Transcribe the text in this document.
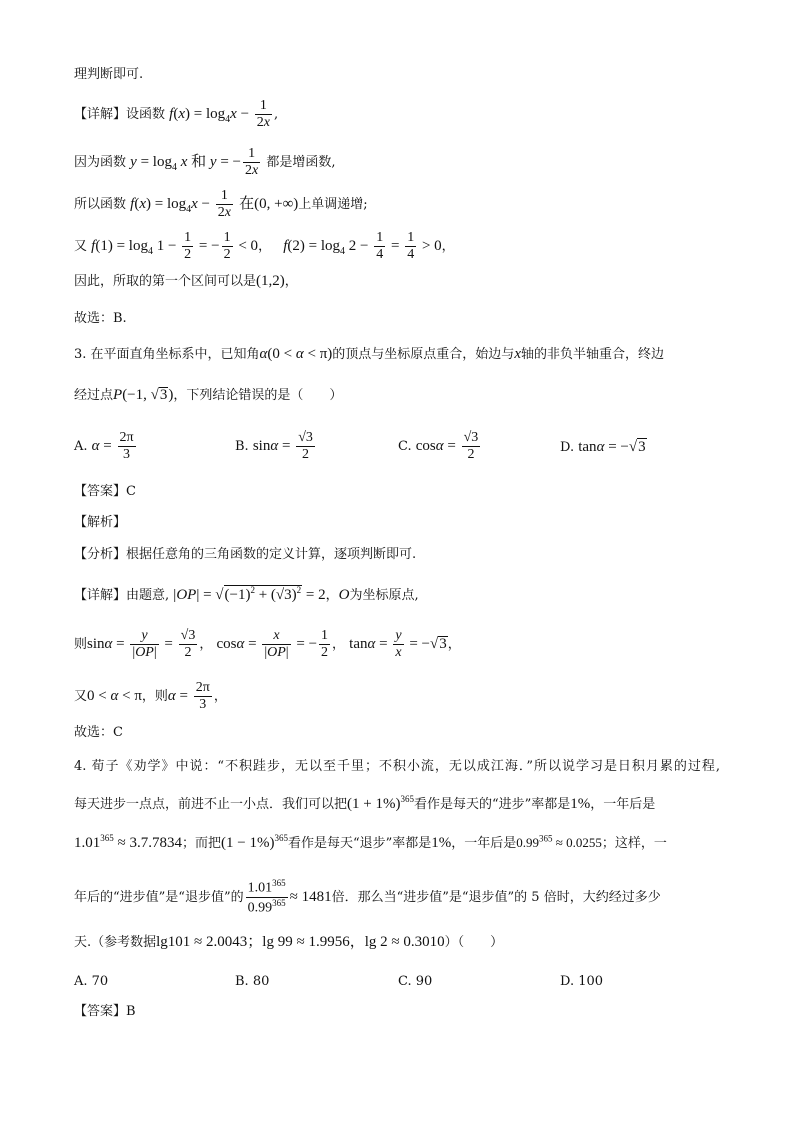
理判断即可.
【详解】设函数 $f(x) = \log_4x - \frac{1}{2x}$ ,
因为函数 $y = \log_4 x$ 和 y = − $\frac{1}{2x}$ 都是增函数,
所以函数 $f(x) = \log_4x - \frac{1}{2x}$ 在(0, +∞)上单调递增;
又 $f(1) = \log_4 1 - \frac{1}{2}$ = − $\frac{1}{2} < 0$， $f(2) = \log_4 2 - \frac{1}{4} = \frac{1}{4} > 0$，
因此，所取的第一个区间可以是(1,2)，
故选：B.
3. 在平面直角坐标系中，已知角α(0 < α < π)的顶点与坐标原点重合，始边与x轴的非负半轴重合，终边
经过点P(−1, √3)，下列结论错误的是（　　）
A. $\alpha = \frac{2\pi}{3}$	B. $\sin\alpha = \frac{√3}{2}$	C. $\cos\alpha = \frac{√3}{2}$	D. tanα = −√3
【答案】C
【解析】
【分析】根据任意角的三角函数的定义计算，逐项判断即可.
【详解】由题意, $|OP| = √(-1)^2 + (√3)^2 = 2$，O为坐标原点,
则$\sin\alpha = \frac{y}{|OP|} = \frac{√3}{2}$ ， $\cos\alpha = \frac{x}{|OP|}$ = − $\frac{1}{2}$ ， $\tan\alpha = \frac{y}{x} = -√3$，
又0 < α < π，则$\alpha = \frac{2\pi}{3}$ ，
故选：C
4. 荀子《劝学》中说：“不积跬步，无以至千里；不积小流，无以成江海．”所以说学习是日积月累的过程,
每天进步一点点，前进不止一小点．我们可以把$(1 + 1\%)^{365}$看作是每天的“进步”率都是1%，一年后是
$1.01^{365} \approx 3.7.7834$；而把$(1 - 1\%)^{365}$看作是每天“退步”率都是1%，一年后是$0.99^{365} \approx 0.0255$；这样，一
年后的“进步值”是“退步值”的 $\frac{1.01^{365}}{0.99^{365}} \approx 1481$倍．那么当“进步值”是“退步值”的 5 倍时，大约经过多少
天.（参考数据lg101 ≈ 2.0043；lg 99 ≈ 1.9956，lg 2 ≈ 0.3010）（　　）
A. 70	B. 80	C. 90	D. 100
【答案】B
